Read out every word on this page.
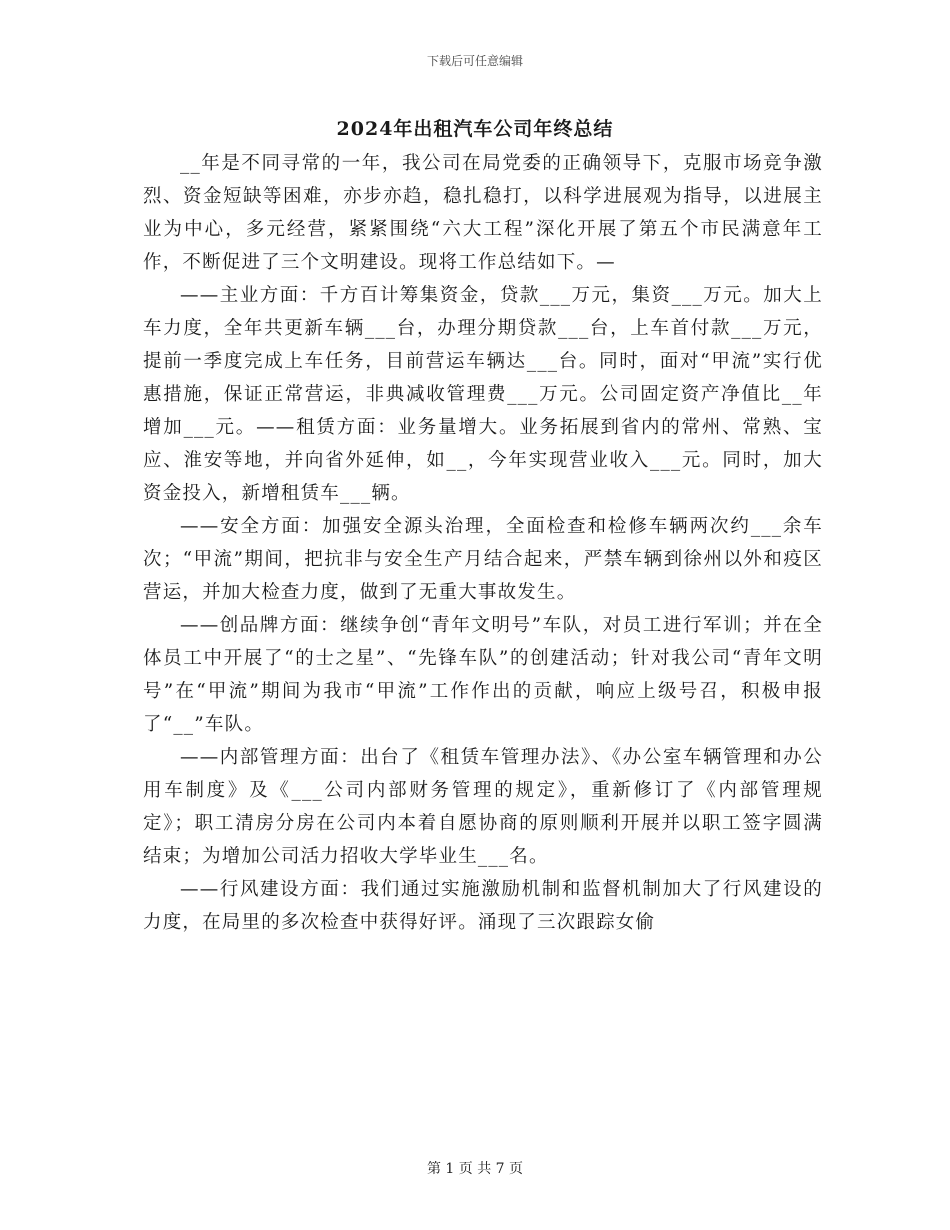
下载后可任意编辑
2024年出租汽车公司年终总结

__年是不同寻常的一年，我公司在局党委的正确领导下，克服市场竞争激烈、资金短缺等困难，亦步亦趋，稳扎稳打，以科学进展观为指导，以进展主业为中心，多元经营，紧紧围绕“六大工程”深化开展了第五个市民满意年工作，不断促进了三个文明建设。现将工作总结如下。—

——主业方面：千方百计筹集资金，贷款___万元，集资___万元。加大上车力度，全年共更新车辆___台，办理分期贷款___台，上车首付款___万元，提前一季度完成上车任务，目前营运车辆达___台。同时，面对“甲流”实行优惠措施，保证正常营运，非典减收管理费___万元。公司固定资产净值比__年增加___元。——租赁方面：业务量增大。业务拓展到省内的常州、常熟、宝应、淮安等地，并向省外延伸，如__，今年实现营业收入___元。同时，加大资金投入，新增租赁车___辆。

——安全方面：加强安全源头治理，全面检查和检修车辆两次约___余车次；“甲流”期间，把抗非与安全生产月结合起来，严禁车辆到徐州以外和疫区营运，并加大检查力度，做到了无重大事故发生。

——创品牌方面：继续争创“青年文明号”车队，对员工进行军训；并在全体员工中开展了“的士之星”、“先锋车队”的创建活动；针对我公司“青年文明号”在“甲流”期间为我市“甲流”工作作出的贡献，响应上级号召，积极申报了“__”车队。

——内部管理方面：出台了《租赁车管理办法》、《办公室车辆管理和办公用车制度》及《___公司内部财务管理的规定》，重新修订了《内部管理规定》；职工清房分房在公司内本着自愿协商的原则顺利开展并以职工签字圆满结束；为增加公司活力招收大学毕业生___名。

——行风建设方面：我们通过实施激励机制和监督机制加大了行风建设的力度，在局里的多次检查中获得好评。涌现了三次跟踪女偷

第 1 页 共 7 页
